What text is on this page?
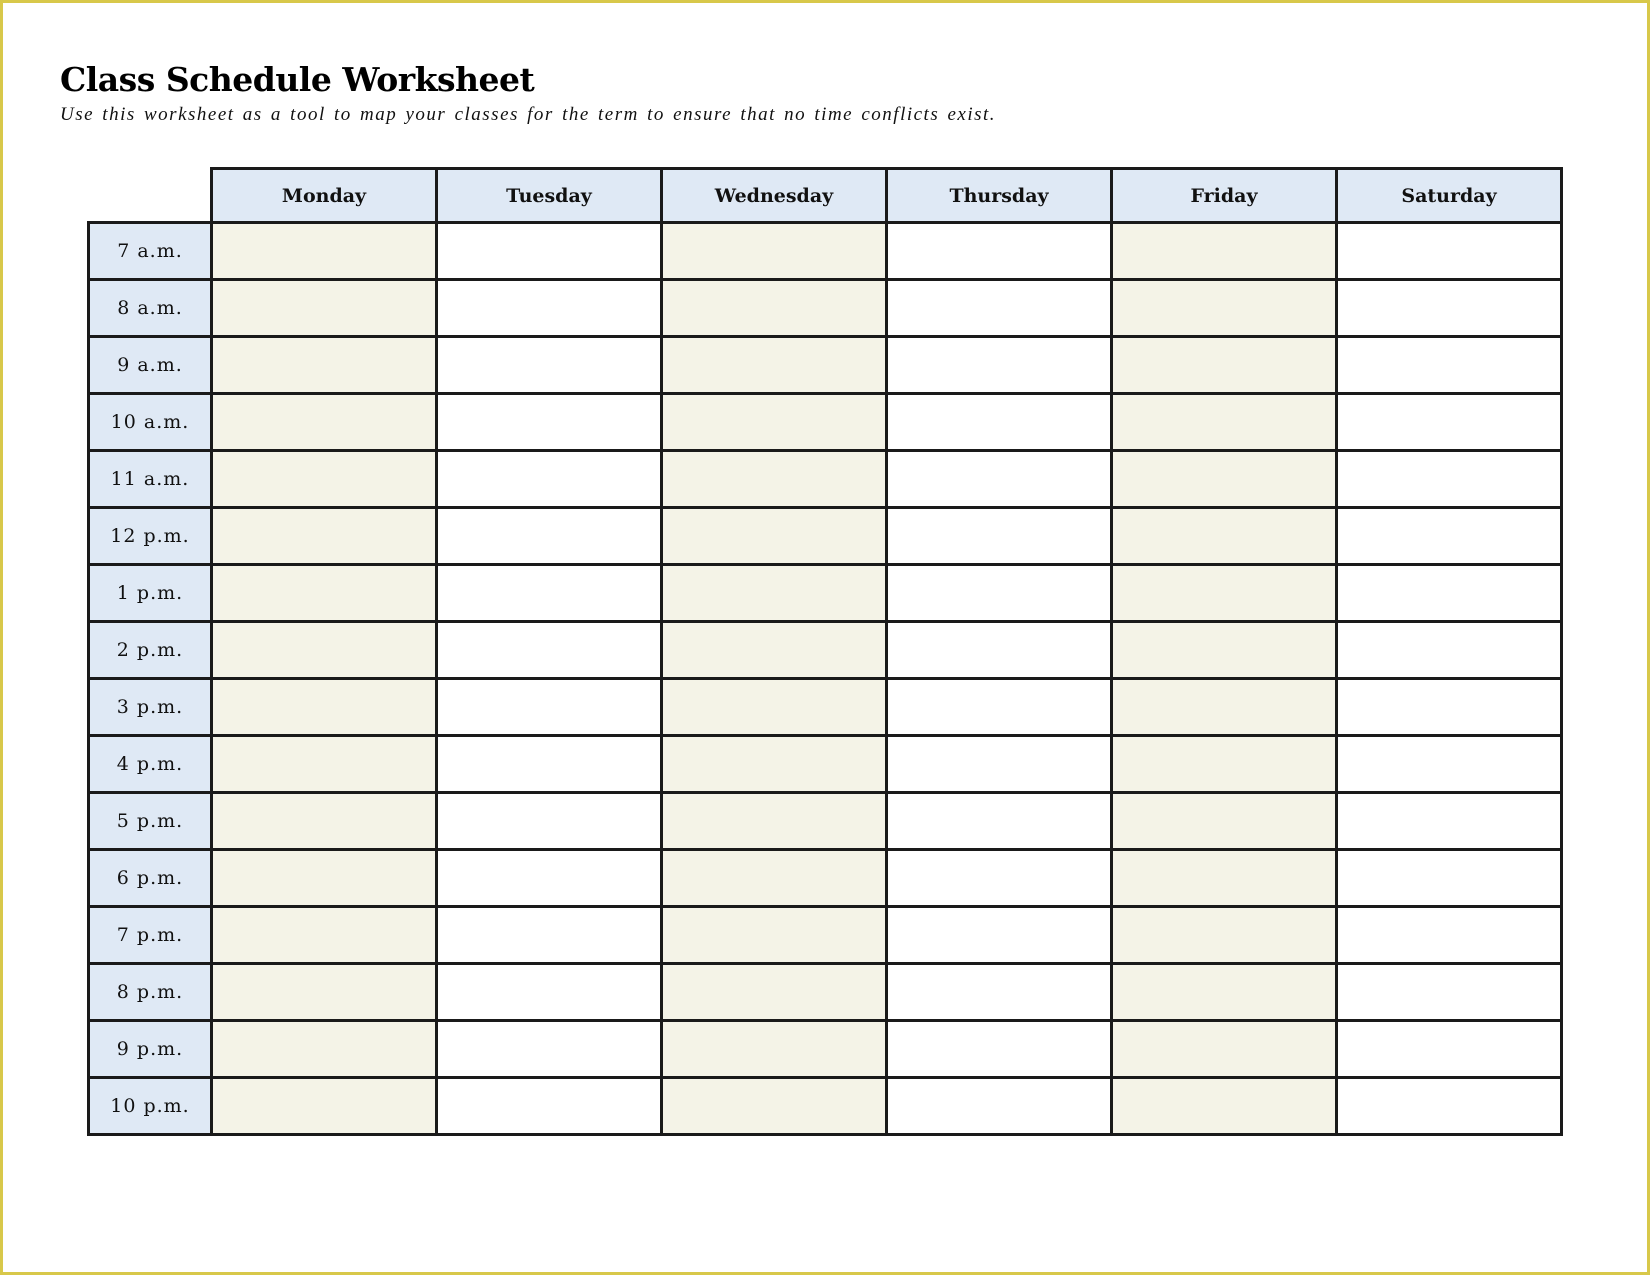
Class Schedule Worksheet
Use this worksheet as a tool to map your classes for the term to ensure that no time conflicts exist.
	Monday	Tuesday	Wednesday	Thursday	Friday	Saturday
7 a.m.						
8 a.m.						
9 a.m.						
10 a.m.						
11 a.m.						
12 p.m.						
1 p.m.						
2 p.m.						
3 p.m.						
4 p.m.						
5 p.m.						
6 p.m.						
7 p.m.						
8 p.m.						
9 p.m.						
10 p.m.						
